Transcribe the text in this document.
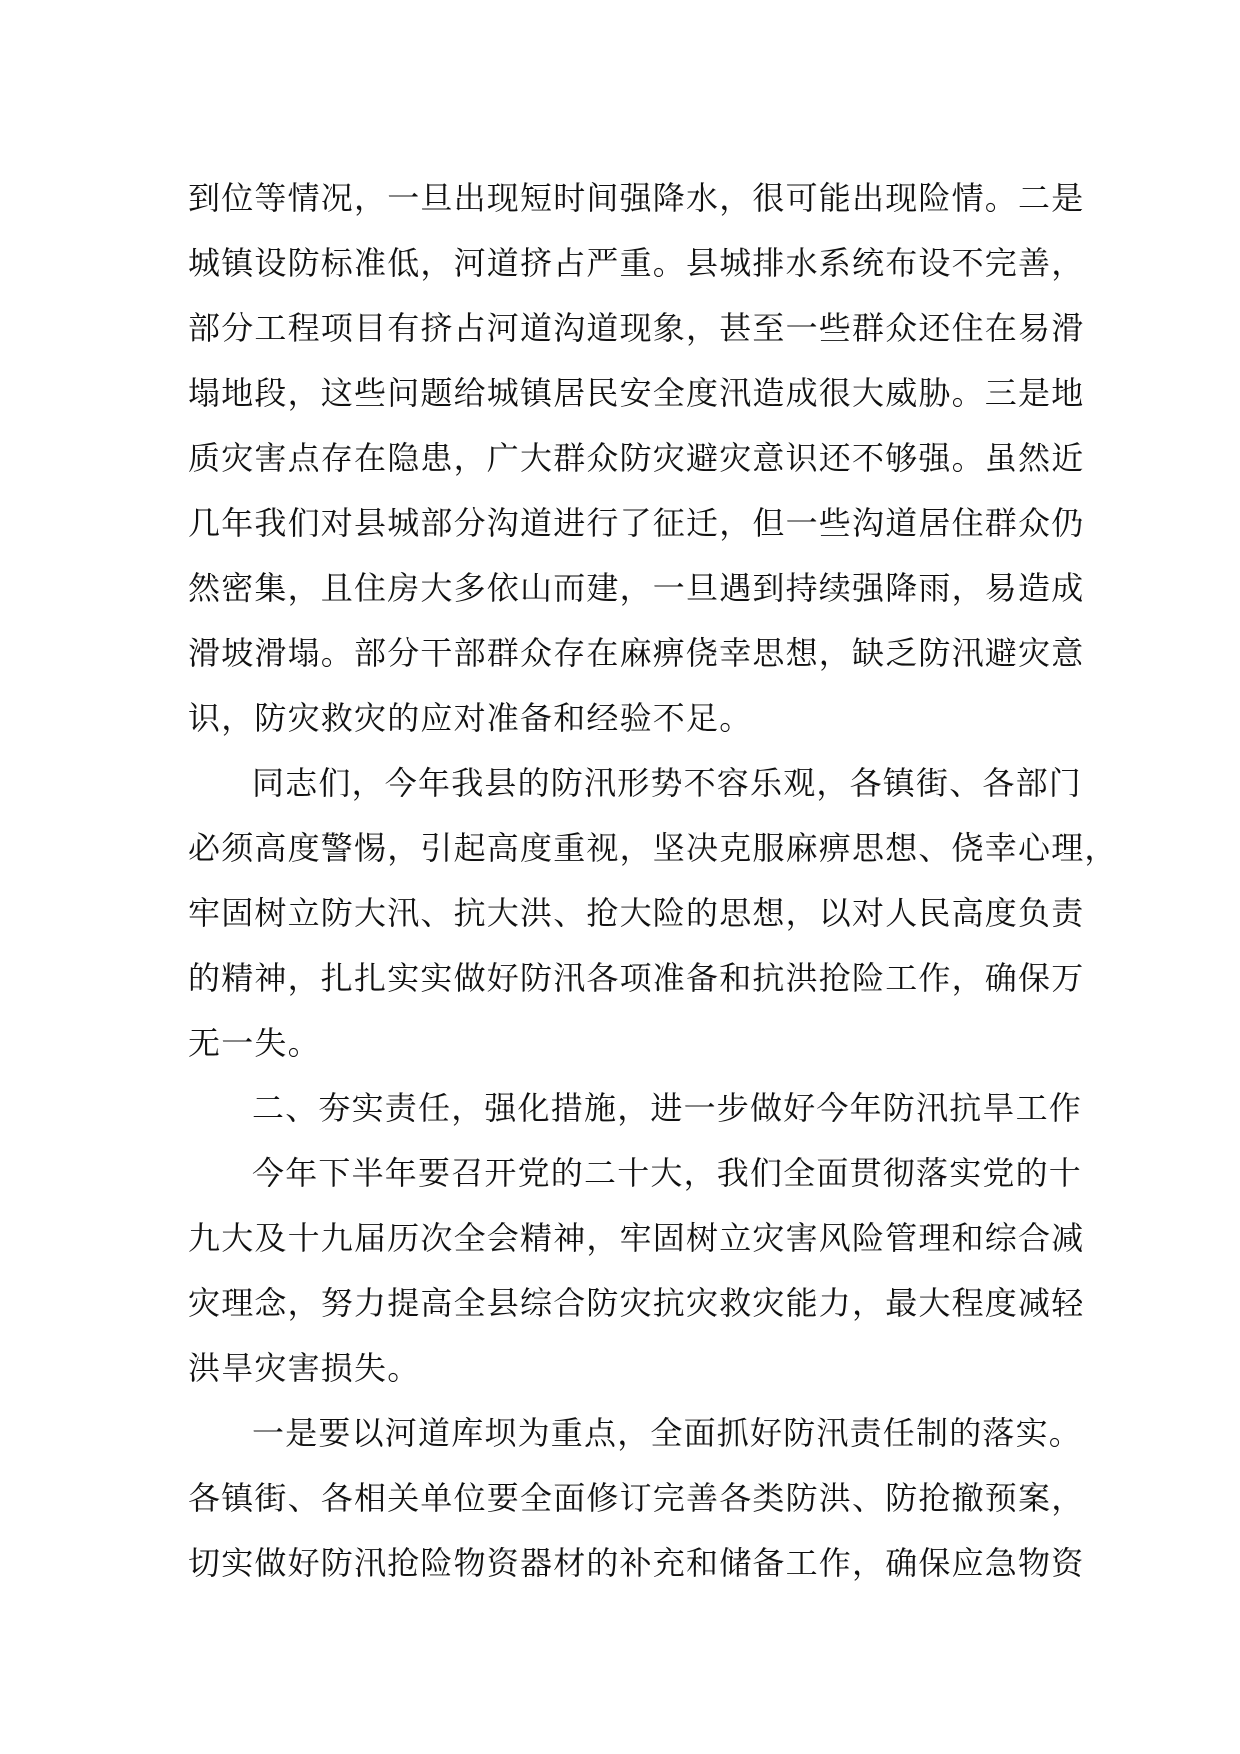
到位等情况，一旦出现短时间强降水，很可能出现险情。二是
城镇设防标准低，河道挤占严重。县城排水系统布设不完善，
部分工程项目有挤占河道沟道现象，甚至一些群众还住在易滑
塌地段，这些问题给城镇居民安全度汛造成很大威胁。三是地
质灾害点存在隐患，广大群众防灾避灾意识还不够强。虽然近
几年我们对县城部分沟道进行了征迁，但一些沟道居住群众仍
然密集，且住房大多依山而建，一旦遇到持续强降雨，易造成
滑坡滑塌。部分干部群众存在麻痹侥幸思想，缺乏防汛避灾意
识，防灾救灾的应对准备和经验不足。
同志们，今年我县的防汛形势不容乐观，各镇街、各部门
必须高度警惕，引起高度重视，坚决克服麻痹思想、侥幸心理，
牢固树立防大汛、抗大洪、抢大险的思想，以对人民高度负责
的精神，扎扎实实做好防汛各项准备和抗洪抢险工作，确保万
无一失。
二、夯实责任，强化措施，进一步做好今年防汛抗旱工作
今年下半年要召开党的二十大，我们全面贯彻落实党的十
九大及十九届历次全会精神，牢固树立灾害风险管理和综合减
灾理念，努力提高全县综合防灾抗灾救灾能力，最大程度减轻
洪旱灾害损失。
一是要以河道库坝为重点，全面抓好防汛责任制的落实。
各镇街、各相关单位要全面修订完善各类防洪、防抢撤预案，
切实做好防汛抢险物资器材的补充和储备工作，确保应急物资
